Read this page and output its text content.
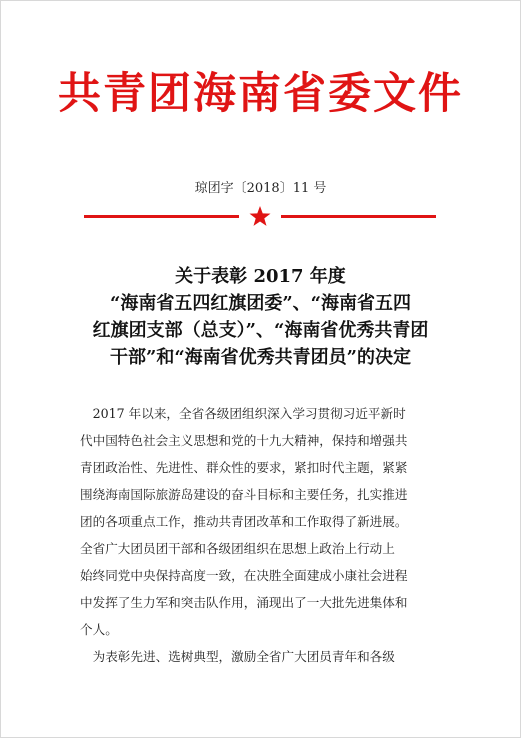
共青团海南省委文件
琼团字〔2018〕11 号
关于表彰 2017 年度
“海南省五四红旗团委”、“海南省五四
红旗团支部（总支）”、“海南省优秀共青团
干部”和“海南省优秀共青团员”的决定
　2017 年以来，全省各级团组织深入学习贯彻习近平新时
代中国特色社会主义思想和党的十九大精神，保持和增强共
青团政治性、先进性、群众性的要求，紧扣时代主题，紧紧
围绕海南国际旅游岛建设的奋斗目标和主要任务，扎实推进
团的各项重点工作，推动共青团改革和工作取得了新进展。
全省广大团员团干部和各级团组织在思想上政治上行动上
始终同党中央保持高度一致，在决胜全面建成小康社会进程
中发挥了生力军和突击队作用，涌现出了一大批先进集体和
个人。
　为表彰先进、选树典型，激励全省广大团员青年和各级
